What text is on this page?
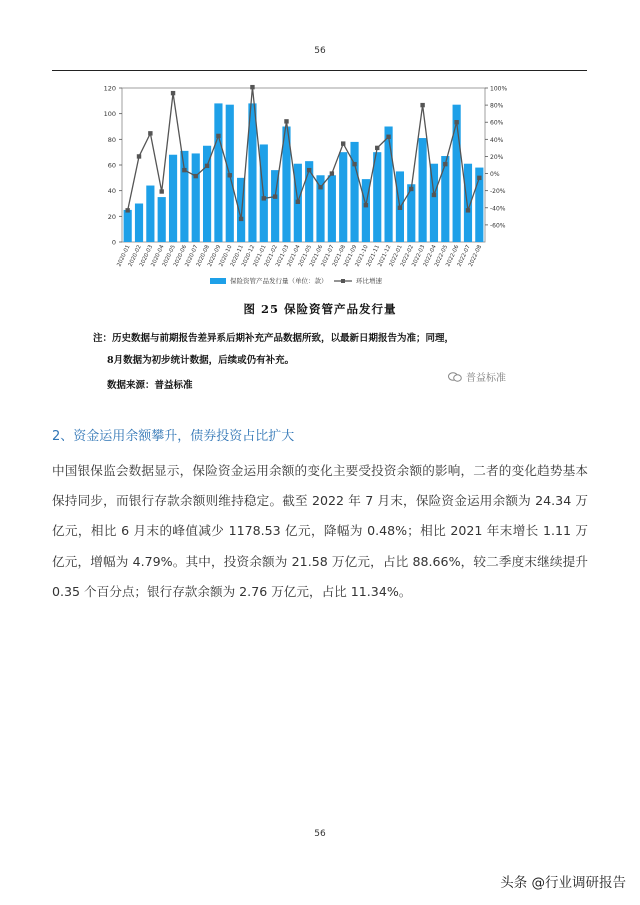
56
0
20
40
60
80
100
120
-60%
-40%
-20%
0%
20%
40%
60%
80%
100%
2020-01
2020-02
2020-03
2020-04
2020-05
2020-06
2020-07
2020-08
2020-09
2020-10
2020-11
2020-12
2021-01
2021-02
2021-03
2021-04
2021-05
2021-06
2021-07
2021-08
2021-09
2021-10
2021-11
2021-12
2022-01
2022-02
2022-03
2022-04
2022-05
2022-06
2022-07
2022-08
保险资管产品发行量（单位：款）	环比增速
图 25 保险资管产品发行量
注：历史数据与前期报告差异系后期补充产品数据所致，以最新日期报告为准；同理，
8月数据为初步统计数据，后续或仍有补充。
数据来源：普益标准
普益标准
2、资金运用余额攀升，债券投资占比扩大

中国银保监会数据显示，保险资金运用余额的变化主要受投资余额的影响，二者的变化趋势基本保持同步，而银行存款余额则维持稳定。截至 2022 年 7 月末，保险资金运用余额为 24.34 万亿元，相比 6 月末的峰值减少 1178.53 亿元，降幅为 0.48%；相比 2021 年末增长 1.11 万亿元，增幅为 4.79%。其中，投资余额为 21.58 万亿元，占比 88.66%，较二季度末继续提升 0.35 个百分点；银行存款余额为 2.76 万亿元，占比 11.34%。

56
头条 @行业调研报告
